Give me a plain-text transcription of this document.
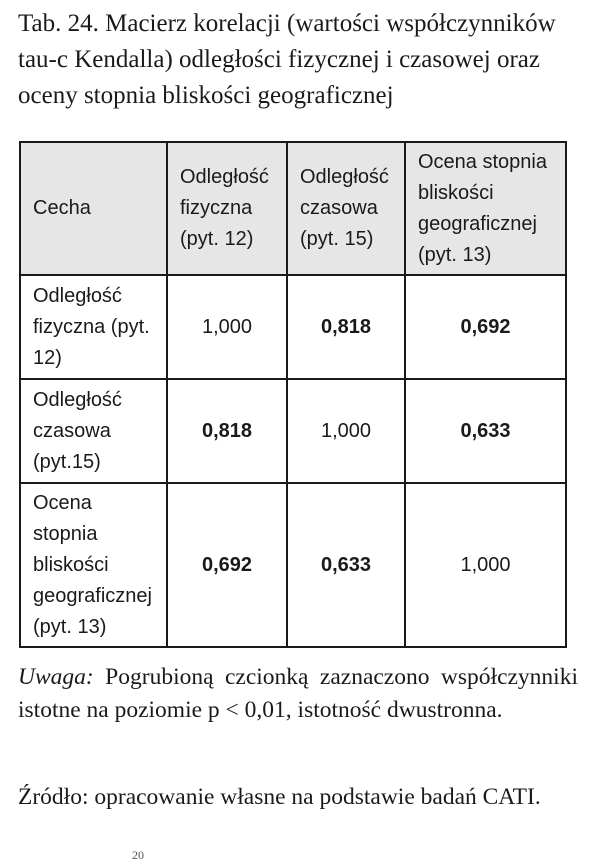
Tab. 24. Macierz korelacji (wartości współczynników tau-c Kendalla) odległości fizycznej i czasowej oraz oceny stopnia bliskości geograficznej

Cecha	Odległość fizyczna (pyt. 12)	Odległość czasowa (pyt. 15)	Ocena stopnia bliskości geograficznej (pyt. 13)
Odległość fizyczna (pyt. 12)	1,000	0,818	0,692
Odległość czasowa (pyt.15)	0,818	1,000	0,633
Ocena stopnia bliskości geograficznej (pyt. 13)	0,692	0,633	1,000

Uwaga: Pogrubioną czcionką zaznaczono współczynniki istotne na poziomie p < 0,01, istotność dwustronna.

Źródło: opracowanie własne na podstawie badań CATI.

20
